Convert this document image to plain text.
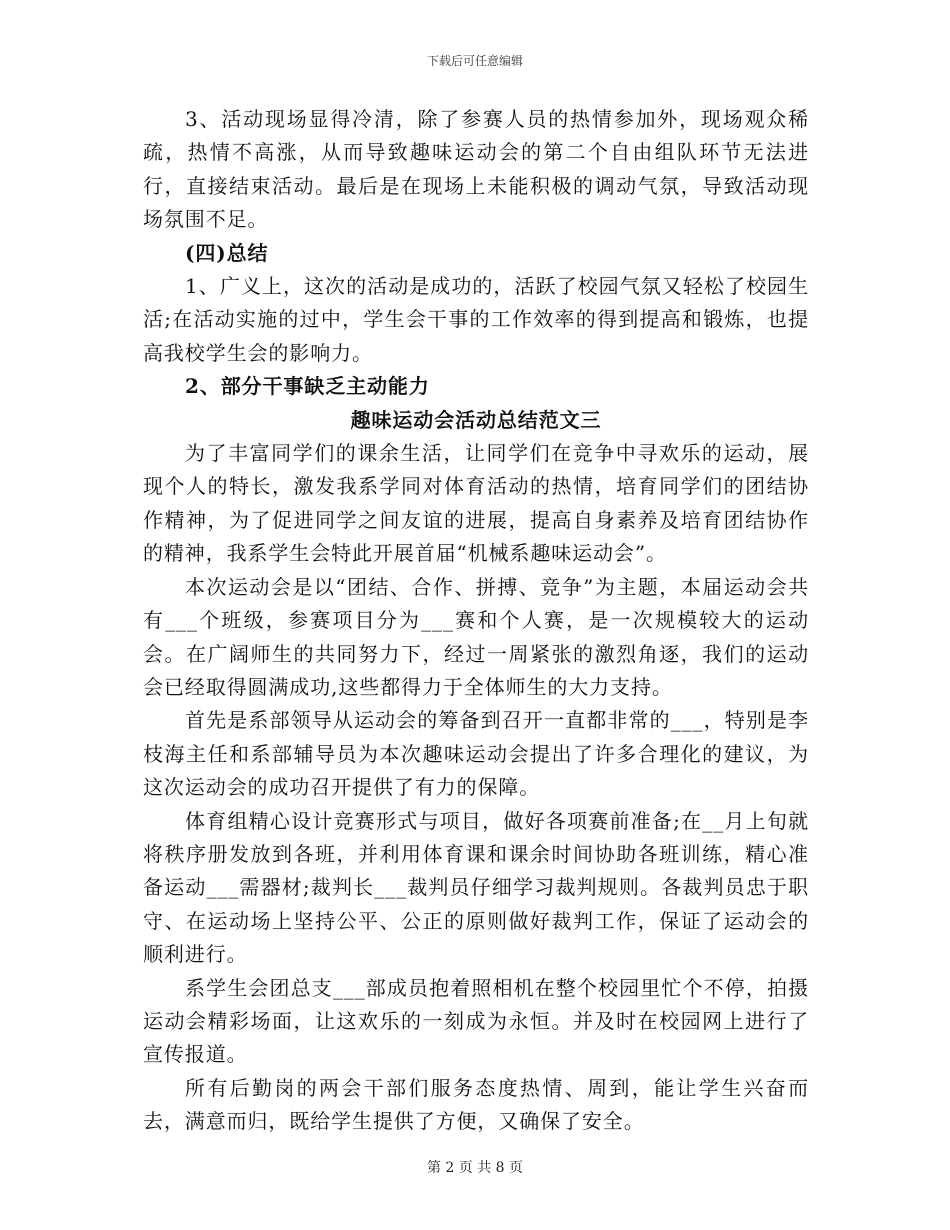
下载后可任意编辑

3、活动现场显得冷清，除了参赛人员的热情参加外，现场观众稀疏，热情不高涨，从而导致趣味运动会的第二个自由组队环节无法进行，直接结束活动。最后是在现场上未能积极的调动气氛，导致活动现场氛围不足。

(四)总结

1、广义上，这次的活动是成功的，活跃了校园气氛又轻松了校园生活;在活动实施的过中，学生会干事的工作效率的得到提高和锻炼，也提高我校学生会的影响力。

2、部分干事缺乏主动能力

趣味运动会活动总结范文三

为了丰富同学们的课余生活，让同学们在竞争中寻欢乐的运动，展现个人的特长，激发我系学同对体育活动的热情，培育同学们的团结协作精神，为了促进同学之间友谊的进展，提高自身素养及培育团结协作的精神，我系学生会特此开展首届“机械系趣味运动会”。

本次运动会是以“团结、合作、拼搏、竞争”为主题，本届运动会共有___个班级，参赛项目分为___赛和个人赛，是一次规模较大的运动会。在广阔师生的共同努力下，经过一周紧张的激烈角逐，我们的运动会已经取得圆满成功,这些都得力于全体师生的大力支持。

首先是系部领导从运动会的筹备到召开一直都非常的___，特别是李枝海主任和系部辅导员为本次趣味运动会提出了许多合理化的建议，为这次运动会的成功召开提供了有力的保障。

体育组精心设计竞赛形式与项目，做好各项赛前准备;在__月上旬就将秩序册发放到各班，并利用体育课和课余时间协助各班训练，精心准备运动___需器材;裁判长___裁判员仔细学习裁判规则。各裁判员忠于职守、在运动场上坚持公平、公正的原则做好裁判工作，保证了运动会的顺利进行。

系学生会团总支___部成员抱着照相机在整个校园里忙个不停，拍摄运动会精彩场面，让这欢乐的一刻成为永恒。并及时在校园网上进行了宣传报道。

所有后勤岗的两会干部们服务态度热情、周到，能让学生兴奋而去，满意而归，既给学生提供了方便，又确保了安全。

第 2 页 共 8 页
